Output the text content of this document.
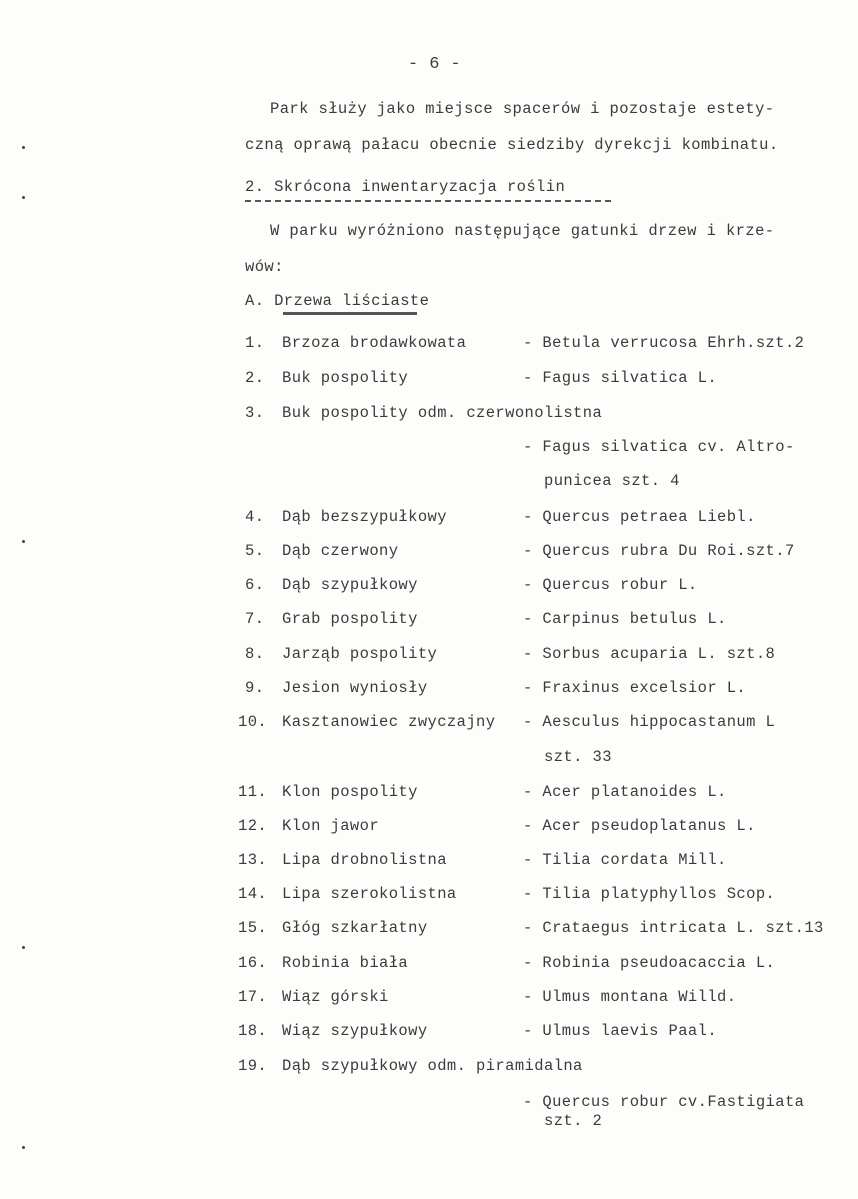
- 6 -
Park służy jako miejsce spacerów i pozostaje estety-
czną oprawą pałacu obecnie siedziby dyrekcji kombinatu.
2. Skrócona inwentaryzacja roślin
W parku wyróżniono następujące gatunki drzew i krze-
wów:
A. Drzewa liściaste
1. Brzoza brodawkowata	- Betula verrucosa Ehrh.szt.2
2. Buk pospolity	- Fagus silvatica L.
3. Buk pospolity odm. czerwonolistna
- Fagus silvatica cv. Altro-
punicea szt. 4
4. Dąb bezszypułkowy	- Quercus petraea Liebl.
5. Dąb czerwony	- Quercus rubra Du Roi.szt.7
6. Dąb szypułkowy	- Quercus robur L.
7. Grab pospolity	- Carpinus betulus L.
8. Jarząb pospolity	- Sorbus acuparia L. szt.8
9. Jesion wyniosły	- Fraxinus excelsior L.
10. Kasztanowiec zwyczajny - Aesculus hippocastanum L
szt. 33
11. Klon pospolity	- Acer platanoides L.
12. Klon jawor	- Acer pseudoplatanus L.
13. Lipa drobnolistna	- Tilia cordata Mill.
14. Lipa szerokolistna	- Tilia platyphyllos Scop.
15. Głóg szkarłatny	- Crataegus intricata L. szt.13
16. Robinia biała	- Robinia pseudoacaccia L.
17. Wiąz górski	- Ulmus montana Willd.
18. Wiąz szypułkowy	- Ulmus laevis Paal.
19. Dąb szypułkowy odm. piramidalna
- Quercus robur cv.Fastigiata
szt. 2
